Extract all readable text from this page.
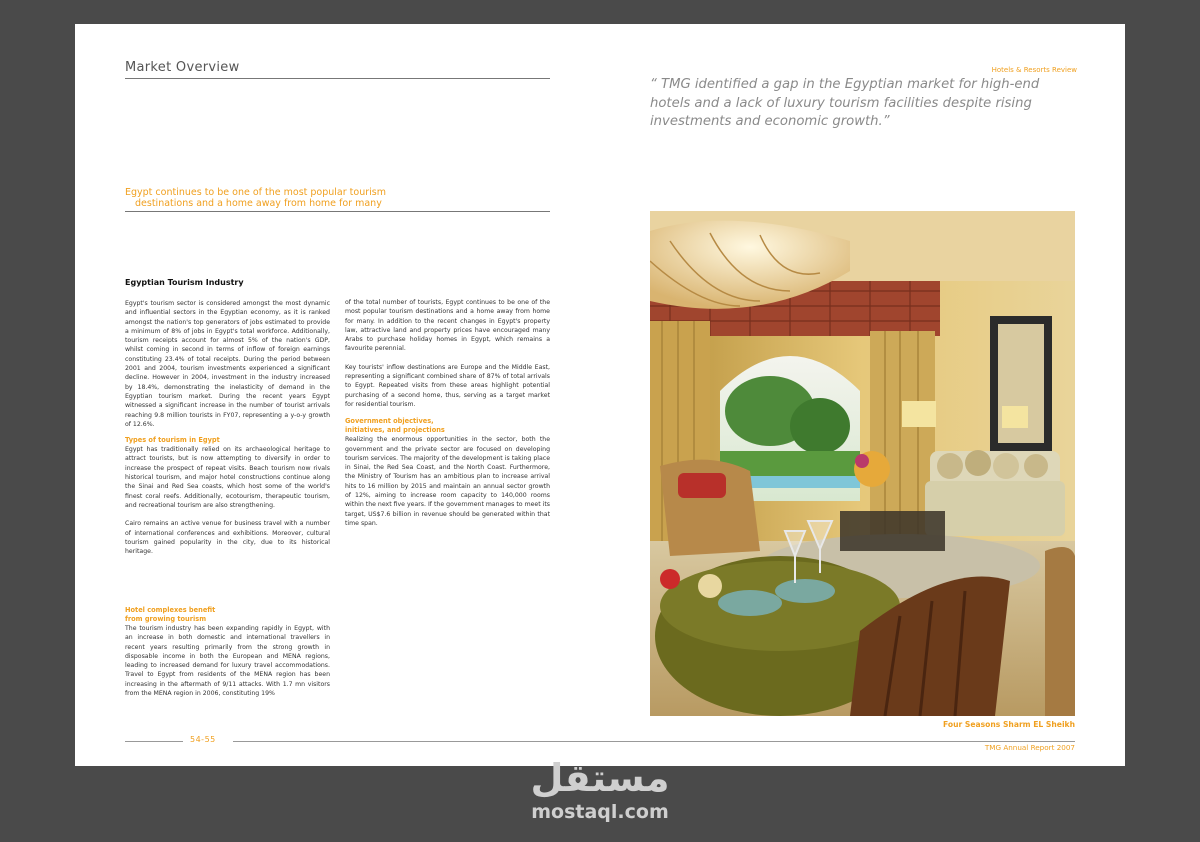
Market Overview
Egypt continues to be one of the most popular tourism
destinations and a home away from home for many
Egyptian Tourism Industry

Egypt's tourism sector is considered amongst the most dynamic and influential sectors in the Egyptian economy, as it is ranked amongst the nation's top generators of jobs estimated to provide a minimum of 8% of jobs in Egypt's total workforce. Additionally, tourism receipts account for almost 5% of the nation's GDP, whilst coming in second in terms of inflow of foreign earnings constituting 23.4% of total receipts. During the period between 2001 and 2004, tourism investments experienced a significant decline. However in 2004, investment in the industry increased by 18.4%, demonstrating the inelasticity of demand in the Egyptian tourism market. During the recent years Egypt witnessed a significant increase in the number of tourist arrivals reaching 9.8 million tourists in FY07, representing a y-o-y growth of 12.6%.

Types of tourism in Egypt

Egypt has traditionally relied on its archaeological heritage to attract tourists, but is now attempting to diversify in order to increase the prospect of repeat visits. Beach tourism now rivals historical tourism, and major hotel constructions continue along the Sinai and Red Sea coasts, which host some of the world's finest coral reefs. Additionally, ecotourism, therapeutic tourism, and recreational tourism are also strengthening.

Cairo remains an active venue for business travel with a number of international conferences and exhibitions. Moreover, cultural tourism gained popularity in the city, due to its historical heritage.

Hotel complexes benefit
from growing tourism

The tourism industry has been expanding rapidly in Egypt, with an increase in both domestic and international travellers in recent years resulting primarily from the strong growth in disposable income in both the European and MENA regions, leading to increased demand for luxury travel accommodations. Travel to Egypt from residents of the MENA region has been increasing in the aftermath of 9/11 attacks. With 1.7 mn visitors from the MENA region in 2006, constituting 19%

of the total number of tourists, Egypt continues to be one of the most popular tourism destinations and a home away from home for many. In addition to the recent changes in Egypt's property law, attractive land and property prices have encouraged many Arabs to purchase holiday homes in Egypt, which remains a favourite perennial.

Key tourists' inflow destinations are Europe and the Middle East, representing a significant combined share of 87% of total arrivals to Egypt. Repeated visits from these areas highlight potential purchasing of a second home, thus, serving as a target market for residential tourism.

Government objectives,
initiatives, and projections

Realizing the enormous opportunities in the sector, both the government and the private sector are focused on developing tourism services. The majority of the development is taking place in Sinai, the Red Sea Coast, and the North Coast. Furthermore, the Ministry of Tourism has an ambitious plan to increase arrival hits to 16 million by 2015 and maintain an annual sector growth of 12%, aiming to increase room capacity to 140,000 rooms within the next five years. If the government manages to meet its target, US$7.6 billion in revenue should be generated within that time span.

54-55
Hotels & Resorts Review
“ TMG identified a gap in the Egyptian market for high-end hotels and a lack of luxury tourism facilities despite rising investments and economic growth.”
Four Seasons Sharm EL Sheikh
TMG Annual Report 2007
مستقل
mostaql.com
